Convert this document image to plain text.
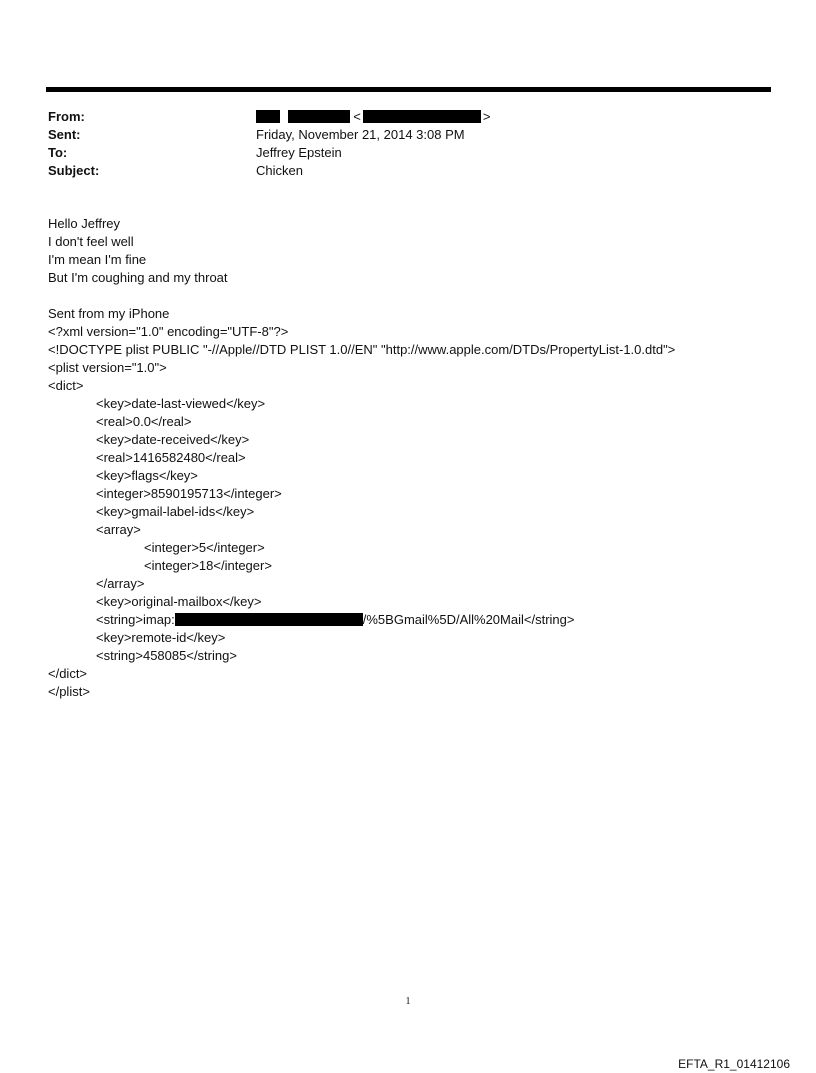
From:	<	>
Sent:	Friday, November 21, 2014 3:08 PM
To:	Jeffrey Epstein
Subject:	Chicken
Hello Jeffrey
I don't feel well
I'm mean I'm fine
But I'm coughing and my throat
Sent from my iPhone
<?xml version="1.0" encoding="UTF-8"?>
<!DOCTYPE plist PUBLIC "-//Apple//DTD PLIST 1.0//EN" "http://www.apple.com/DTDs/PropertyList-1.0.dtd">
<plist version="1.0">
<dict>
<key>date-last-viewed</key>
<real>0.0</real>
<key>date-received</key>
<real>1416582480</real>
<key>flags</key>
<integer>8590195713</integer>
<key>gmail-label-ids</key>
<array>
<integer>5</integer>
<integer>18</integer>
</array>
<key>original-mailbox</key>
<string>imap:	/%5BGmail%5D/All%20Mail</string>
<key>remote-id</key>
<string>458085</string>
</dict>
</plist>
1
EFTA_R1_01412106
